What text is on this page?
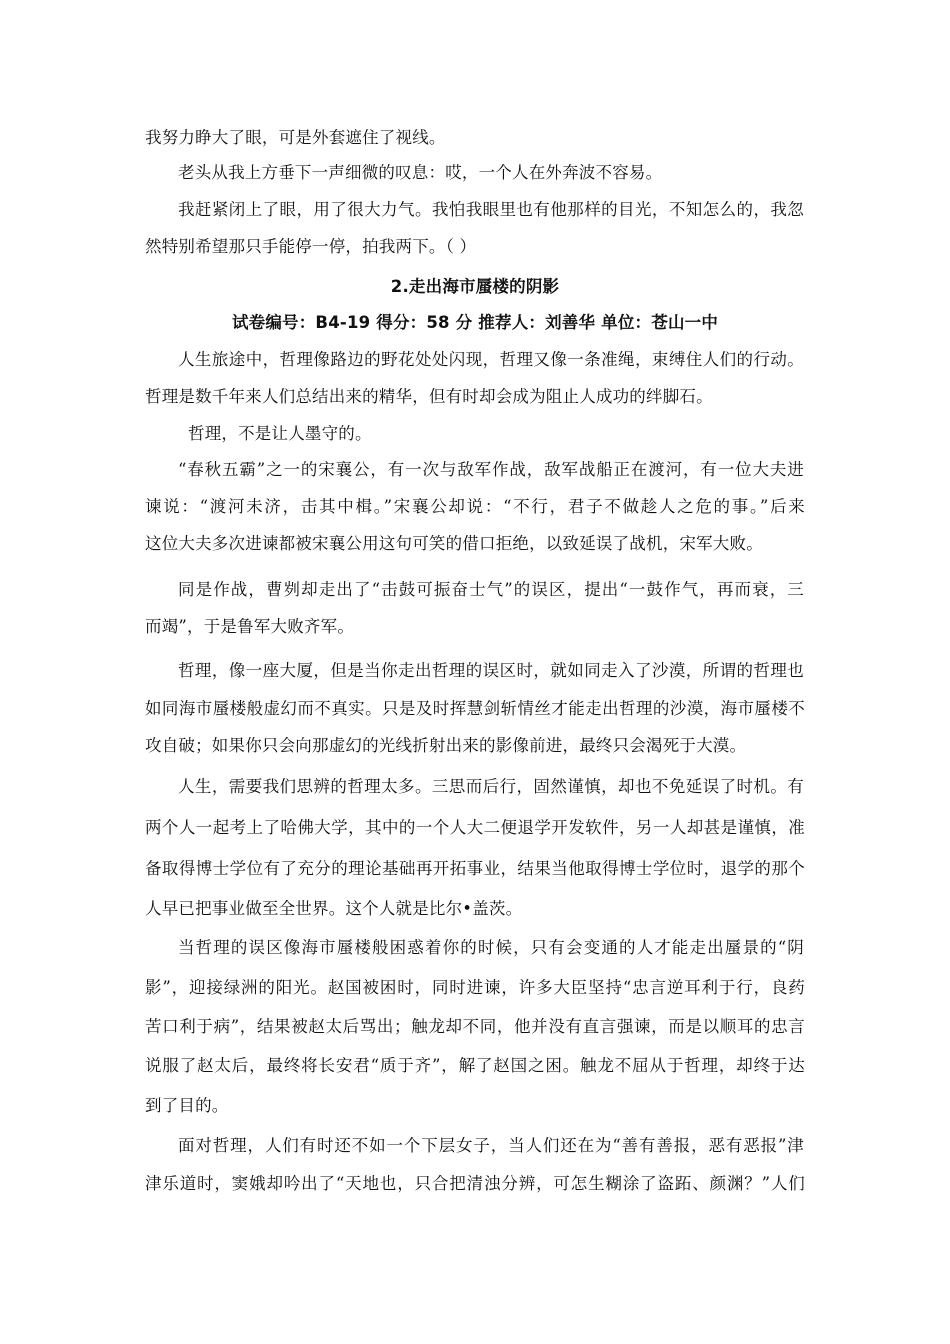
我努力睁大了眼，可是外套遮住了视线。
老头从我上方垂下一声细微的叹息：哎，一个人在外奔波不容易。
我赶紧闭上了眼，用了很大力气。我怕我眼里也有他那样的目光，不知怎么的，我忽
然特别希望那只手能停一停，拍我两下。（ ）
2.走出海市蜃楼的阴影
试卷编号：B4-19 得分：58 分 推荐人：刘善华 单位：苍山一中
人生旅途中，哲理像路边的野花处处闪现，哲理又像一条准绳，束缚住人们的行动。
哲理是数千年来人们总结出来的精华，但有时却会成为阻止人成功的绊脚石。
哲理，不是让人墨守的。
“春秋五霸”之一的宋襄公，有一次与敌军作战，敌军战船正在渡河，有一位大夫进
谏说：“渡河未济，击其中楫。”宋襄公却说：“不行，君子不做趁人之危的事。”后来
这位大夫多次进谏都被宋襄公用这句可笑的借口拒绝，以致延误了战机，宋军大败。
同是作战，曹刿却走出了“击鼓可振奋士气”的误区，提出“一鼓作气，再而衰，三
而竭”，于是鲁军大败齐军。
哲理，像一座大厦，但是当你走出哲理的误区时，就如同走入了沙漠，所谓的哲理也
如同海市蜃楼般虚幻而不真实。只是及时挥慧剑斩情丝才能走出哲理的沙漠，海市蜃楼不
攻自破；如果你只会向那虚幻的光线折射出来的影像前进，最终只会渴死于大漠。
人生，需要我们思辨的哲理太多。三思而后行，固然谨慎，却也不免延误了时机。有
两个人一起考上了哈佛大学，其中的一个人大二便退学开发软件，另一人却甚是谨慎，准
备取得博士学位有了充分的理论基础再开拓事业，结果当他取得博士学位时，退学的那个
人早已把事业做至全世界。这个人就是比尔•盖茨。
当哲理的误区像海市蜃楼般困惑着你的时候，只有会变通的人才能走出蜃景的“阴
影”，迎接绿洲的阳光。赵国被困时，同时进谏，许多大臣坚持“忠言逆耳利于行，良药
苦口利于病”，结果被赵太后骂出；触龙却不同，他并没有直言强谏，而是以顺耳的忠言
说服了赵太后，最终将长安君“质于齐”，解了赵国之困。触龙不屈从于哲理，却终于达
到了目的。
面对哲理，人们有时还不如一个下层女子，当人们还在为“善有善报，恶有恶报”津
津乐道时，窦娥却吟出了“天地也，只合把清浊分辨，可怎生糊涂了盗跖、颜渊？”人们
